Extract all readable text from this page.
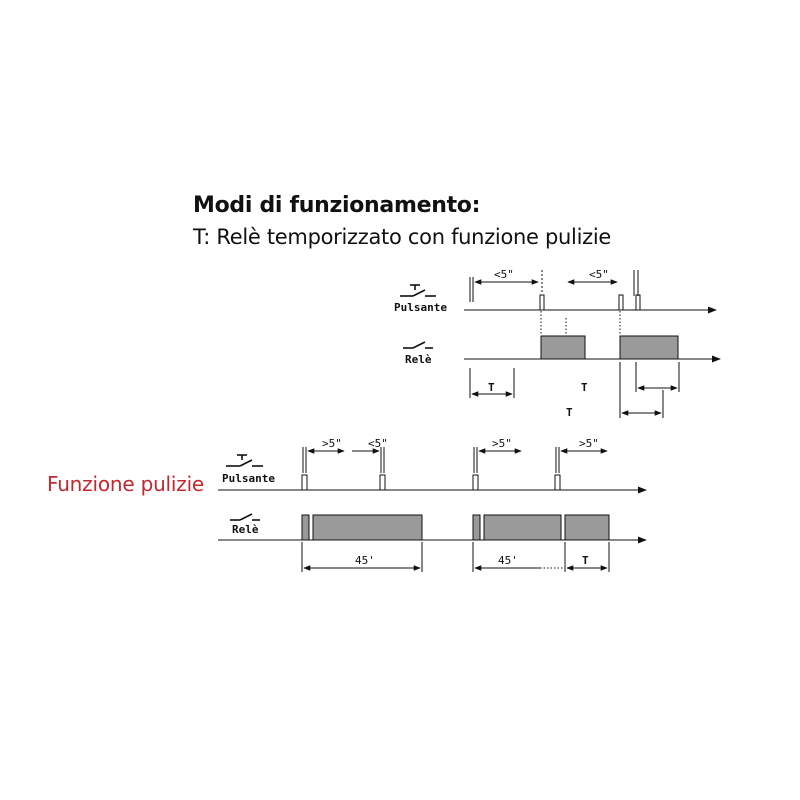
Modi di funzionamento:
T: Relè temporizzato con funzione pulizie
Funzione pulizie
Pulsante
Relè
<5"	<5"
T	T
T
Pulsante
Relè
>5" <5"	>5"	>5"
45'	45'	T
